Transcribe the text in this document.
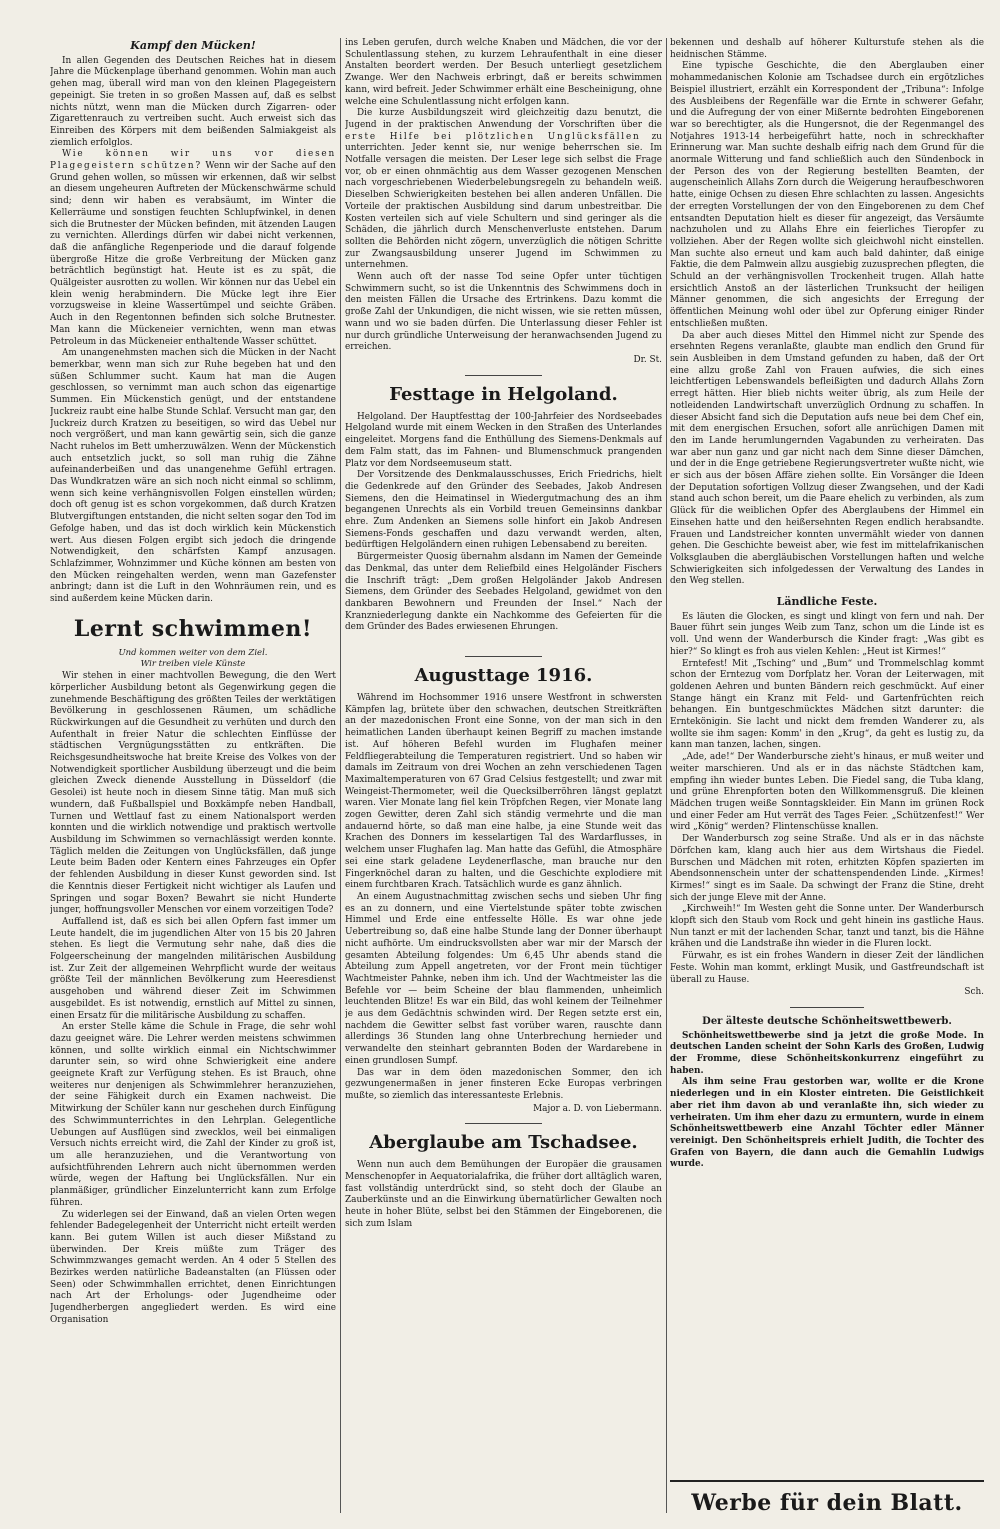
Kampf den Mücken!

In allen Gegenden des Deutschen Reiches hat in diesem Jahre die Mückenplage überhand genommen. Wohin man auch gehen mag, überall wird man von den kleinen Plagegeistern gepeinigt. Sie treten in so großen Massen auf, daß es selbst nichts nützt, wenn man die Mücken durch Zigarren- oder Zigarettenrauch zu vertreiben sucht. Auch erweist sich das Einreiben des Körpers mit dem beißenden Salmiakgeist als ziemlich erfolglos.

Wie können wir uns vor diesen Plagegeistern schützen? Wenn wir der Sache auf den Grund gehen wollen, so müssen wir erkennen, daß wir selbst an diesem ungeheuren Auftreten der Mückenschwärme schuld sind; denn wir haben es verabsäumt, im Winter die Kellerräume und sonstigen feuchten Schlupfwinkel, in denen sich die Brutnester der Mücken befinden, mit ätzenden Laugen zu vernichten. Allerdings dürfen wir dabei nicht verkennen, daß die anfängliche Regenperiode und die darauf folgende übergroße Hitze die große Verbreitung der Mücken ganz beträchtlich begünstigt hat. Heute ist es zu spät, die Quälgeister ausrotten zu wollen. Wir können nur das Uebel ein klein wenig herabmindern. Die Mücke legt ihre Eier vorzugsweise in kleine Wassertümpel und seichte Gräben. Auch in den Regentonnen befinden sich solche Brutnester. Man kann die Mückeneier vernichten, wenn man etwas Petroleum in das Mückeneier enthaltende Wasser schüttet.

Am unangenehmsten machen sich die Mücken in der Nacht bemerkbar, wenn man sich zur Ruhe begeben hat und den süßen Schlummer sucht. Kaum hat man die Augen geschlossen, so vernimmt man auch schon das eigenartige Summen. Ein Mückenstich genügt, und der entstandene Juckreiz raubt eine halbe Stunde Schlaf. Versucht man gar, den Juckreiz durch Kratzen zu beseitigen, so wird das Uebel nur noch vergrößert, und man kann gewärtig sein, sich die ganze Nacht ruhelos im Bett umherzuwälzen. Wenn der Mückenstich auch entsetzlich juckt, so soll man ruhig die Zähne aufeinanderbeißen und das unangenehme Gefühl ertragen. Das Wundkratzen wäre an sich noch nicht einmal so schlimm, wenn sich keine verhängnisvollen Folgen einstellen würden; doch oft genug ist es schon vorgekommen, daß durch Kratzen Blutvergiftungen entstanden, die nicht selten sogar den Tod im Gefolge haben, und das ist doch wirklich kein Mückenstich wert. Aus diesen Folgen ergibt sich jedoch die dringende Notwendigkeit, den schärfsten Kampf anzusagen. Schlafzimmer, Wohnzimmer und Küche können am besten von den Mücken reingehalten werden, wenn man Gazefenster anbringt; dann ist die Luft in den Wohnräumen rein, und es sind außerdem keine Mücken darin.

Lernt schwimmen!
Und kommen weiter von dem Ziel.
Wir treiben viele Künste

Wir stehen in einer machtvollen Bewegung, die den Wert körperlicher Ausbildung betont als Gegenwirkung gegen die zunehmende Beschäftigung des größten Teiles der werktätigen Bevölkerung in geschlossenen Räumen, um schädliche Rückwirkungen auf die Gesundheit zu verhüten und durch den Aufenthalt in freier Natur die schlechten Einflüsse der städtischen Vergnügungsstätten zu entkräften. Die Reichsgesundheitswoche hat breite Kreise des Volkes von der Notwendigkeit sportlicher Ausbildung überzeugt und die beim gleichen Zweck dienende Ausstellung in Düsseldorf (die Gesolei) ist heute noch in diesem Sinne tätig. Man muß sich wundern, daß Fußballspiel und Boxkämpfe neben Handball, Turnen und Wettlauf fast zu einem Nationalsport werden konnten und die wirklich notwendige und praktisch wertvolle Ausbildung im Schwimmen so vernachlässigt werden konnte. Täglich melden die Zeitungen von Unglücksfällen, daß junge Leute beim Baden oder Kentern eines Fahrzeuges ein Opfer der fehlenden Ausbildung in dieser Kunst geworden sind. Ist die Kenntnis dieser Fertigkeit nicht wichtiger als Laufen und Springen und sogar Boxen? Bewahrt sie nicht Hunderte junger, hoffnungsvoller Menschen vor einem vorzeitigen Tode?

Auffallend ist, daß es sich bei allen Opfern fast immer um Leute handelt, die im jugendlichen Alter von 15 bis 20 Jahren stehen. Es liegt die Vermutung sehr nahe, daß dies die Folgeerscheinung der mangelnden militärischen Ausbildung ist. Zur Zeit der allgemeinen Wehrpflicht wurde der weitaus größte Teil der männlichen Bevölkerung zum Heeresdienst ausgehoben und während dieser Zeit im Schwimmen ausgebildet. Es ist notwendig, ernstlich auf Mittel zu sinnen, einen Ersatz für die militärische Ausbildung zu schaffen.

An erster Stelle käme die Schule in Frage, die sehr wohl dazu geeignet wäre. Die Lehrer werden meistens schwimmen können, und sollte wirklich einmal ein Nichtschwimmer darunter sein, so wird ohne Schwierigkeit eine andere geeignete Kraft zur Verfügung stehen. Es ist Brauch, ohne weiteres nur denjenigen als Schwimmlehrer heranzuziehen, der seine Fähigkeit durch ein Examen nachweist. Die Mitwirkung der Schüler kann nur geschehen durch Einfügung des Schwimmunterrichtes in den Lehrplan. Gelegentliche Uebungen auf Ausflügen sind zwecklos, weil bei einmaligen Versuch nichts erreicht wird, die Zahl der Kinder zu groß ist, um alle heranzuziehen, und die Verantwortung von aufsichtführenden Lehrern auch nicht übernommen werden würde, wegen der Haftung bei Unglücksfällen. Nur ein planmäßiger, gründlicher Einzelunterricht kann zum Erfolge führen.

Zu widerlegen sei der Einwand, daß an vielen Orten wegen fehlender Badegelegenheit der Unterricht nicht erteilt werden kann. Bei gutem Willen ist auch dieser Mißstand zu überwinden. Der Kreis müßte zum Träger des Schwimmzwanges gemacht werden. An 4 oder 5 Stellen des Bezirkes werden natürliche Badeanstalten (an Flüssen oder Seen) oder Schwimmhallen errichtet, denen Einrichtungen nach Art der Erholungs- oder Jugendheime oder Jugendherbergen angegliedert werden. Es wird eine Organisation

ins Leben gerufen, durch welche Knaben und Mädchen, die vor der Schulentlassung stehen, zu kurzem Lehraufenthalt in eine dieser Anstalten beordert werden. Der Besuch unterliegt gesetzlichem Zwange. Wer den Nachweis erbringt, daß er bereits schwimmen kann, wird befreit. Jeder Schwimmer erhält eine Bescheinigung, ohne welche eine Schulentlassung nicht erfolgen kann.

Die kurze Ausbildungszeit wird gleichzeitig dazu benutzt, die Jugend in der praktischen Anwendung der Vorschriften über die erste Hilfe bei plötzlichen Unglücksfällen zu unterrichten. Jeder kennt sie, nur wenige beherrschen sie. Im Notfalle versagen die meisten. Der Leser lege sich selbst die Frage vor, ob er einen ohnmächtig aus dem Wasser gezogenen Menschen nach vorgeschriebenen Wiederbelebungsregeln zu behandeln weiß. Dieselben Schwierigkeiten bestehen bei allen anderen Unfällen. Die Vorteile der praktischen Ausbildung sind darum unbestreitbar. Die Kosten verteilen sich auf viele Schultern und sind geringer als die Schäden, die jährlich durch Menschenverluste entstehen. Darum sollten die Behörden nicht zögern, unverzüglich die nötigen Schritte zur Zwangsausbildung unserer Jugend im Schwimmen zu unternehmen.

Wenn auch oft der nasse Tod seine Opfer unter tüchtigen Schwimmern sucht, so ist die Unkenntnis des Schwimmens doch in den meisten Fällen die Ursache des Ertrinkens. Dazu kommt die große Zahl der Unkundigen, die nicht wissen, wie sie retten müssen, wann und wo sie baden dürfen. Die Unterlassung dieser Fehler ist nur durch gründliche Unterweisung der heranwachsenden Jugend zu erreichen.

Dr. St.
Festtage in Helgoland.

Helgoland. Der Hauptfesttag der 100-Jahrfeier des Nordseebades Helgoland wurde mit einem Wecken in den Straßen des Unterlandes eingeleitet. Morgens fand die Enthüllung des Siemens-Denkmals auf dem Falm statt, das im Fahnen- und Blumenschmuck prangenden Platz vor dem Nordseemuseum statt.

Der Vorsitzende des Denkmalausschusses, Erich Friedrichs, hielt die Gedenkrede auf den Gründer des Seebades, Jakob Andresen Siemens, den die Heimatinsel in Wiedergutmachung des an ihm begangenen Unrechts als ein Vorbild treuen Gemeinsinns dankbar ehre. Zum Andenken an Siemens solle hinfort ein Jakob Andresen Siemens-Fonds geschaffen und dazu verwandt werden, alten, bedürftigen Helgoländern einen ruhigen Lebensabend zu bereiten.

Bürgermeister Quosig übernahm alsdann im Namen der Gemeinde das Denkmal, das unter dem Reliefbild eines Helgoländer Fischers die Inschrift trägt: „Dem großen Helgoländer Jakob Andresen Siemens, dem Gründer des Seebades Helgoland, gewidmet von den dankbaren Bewohnern und Freunden der Insel.“ Nach der Kranzniederlegung dankte ein Nachkomme des Gefeierten für die dem Gründer des Bades erwiesenen Ehrungen.

Augusttage 1916.

Während im Hochsommer 1916 unsere Westfront in schwersten Kämpfen lag, brütete über den schwachen, deutschen Streitkräften an der mazedonischen Front eine Sonne, von der man sich in den heimatlichen Landen überhaupt keinen Begriff zu machen imstande ist. Auf höheren Befehl wurden im Flughafen meiner Feldfliegerabteilung die Temperaturen registriert. Und so haben wir damals im Zeitraum von drei Wochen an zehn verschiedenen Tagen Maximaltemperaturen von 67 Grad Celsius festgestellt; und zwar mit Weingeist-Thermometer, weil die Quecksilberröhren längst geplatzt waren. Vier Monate lang fiel kein Tröpfchen Regen, vier Monate lang zogen Gewitter, deren Zahl sich ständig vermehrte und die man andauernd hörte, so daß man eine halbe, ja eine Stunde weit das Krachen des Donners im kesselartigen Tal des Wardarflusses, in welchem unser Flughafen lag. Man hatte das Gefühl, die Atmosphäre sei eine stark geladene Leydenerflasche, man brauche nur den Fingerknöchel daran zu halten, und die Geschichte explodiere mit einem furchtbaren Krach. Tatsächlich wurde es ganz ähnlich.

An einem Augustnachmittag zwischen sechs und sieben Uhr fing es an zu donnern, und eine Viertelstunde später tobte zwischen Himmel und Erde eine entfesselte Hölle. Es war ohne jede Uebertreibung so, daß eine halbe Stunde lang der Donner überhaupt nicht aufhörte. Um eindrucksvollsten aber war mir der Marsch der gesamten Abteilung folgendes: Um 6,45 Uhr abends stand die Abteilung zum Appell angetreten, vor der Front mein tüchtiger Wachtmeister Pahnke, neben ihm ich. Und der Wachtmeister las die Befehle vor — beim Scheine der blau flammenden, unheimlich leuchtenden Blitze! Es war ein Bild, das wohl keinem der Teilnehmer je aus dem Gedächtnis schwinden wird. Der Regen setzte erst ein, nachdem die Gewitter selbst fast vorüber waren, rauschte dann allerdings 36 Stunden lang ohne Unterbrechung hernieder und verwandelte den steinhart gebrannten Boden der Wardarebene in einen grundlosen Sumpf.

Das war in dem öden mazedonischen Sommer, den ich gezwungenermaßen in jener finsteren Ecke Europas verbringen mußte, so ziemlich das interessanteste Erlebnis.

Major a. D. von Liebermann.
Aberglaube am Tschadsee.

Wenn nun auch dem Bemühungen der Europäer die grausamen Menschenopfer in Aequatorialafrika, die früher dort alltäglich waren, fast vollständig unterdrückt sind, so steht doch der Glaube an Zauberkünste und an die Einwirkung übernatürlicher Gewalten noch heute in hoher Blüte, selbst bei den Stämmen der Eingeborenen, die sich zum Islam

bekennen und deshalb auf höherer Kulturstufe stehen als die heidnischen Stämme.

Eine typische Geschichte, die den Aberglauben einer mohammedanischen Kolonie am Tschadsee durch ein ergötzliches Beispiel illustriert, erzählt ein Korrespondent der „Tribuna“: Infolge des Ausbleibens der Regenfälle war die Ernte in schwerer Gefahr, und die Aufregung der von einer Mißernte bedrohten Eingeborenen war so berechtigter, als die Hungersnot, die der Regenmangel des Notjahres 1913-14 herbeigeführt hatte, noch in schreckhafter Erinnerung war. Man suchte deshalb eifrig nach dem Grund für die anormale Witterung und fand schließlich auch den Sündenbock in der Person des von der Regierung bestellten Beamten, der augenscheinlich Allahs Zorn durch die Weigerung heraufbeschworen hatte, einige Ochsen zu diesen Ehre schlachten zu lassen. Angesichts der erregten Vorstellungen der von den Eingeborenen zu dem Chef entsandten Deputation hielt es dieser für angezeigt, das Versäumte nachzuholen und zu Allahs Ehre ein feierliches Tieropfer zu vollziehen. Aber der Regen wollte sich gleichwohl nicht einstellen. Man suchte also erneut und kam auch bald dahinter, daß einige Faktie, die dem Palmwein allzu ausgiebig zuzusprechen pflegten, die Schuld an der verhängnisvollen Trockenheit trugen. Allah hatte ersichtlich Anstoß an der lästerlichen Trunksucht der heiligen Männer genommen, die sich angesichts der Erregung der öffentlichen Meinung wohl oder übel zur Opferung einiger Rinder entschließen mußten.

Da aber auch dieses Mittel den Himmel nicht zur Spende des ersehnten Regens veranlaßte, glaubte man endlich den Grund für sein Ausbleiben in dem Umstand gefunden zu haben, daß der Ort eine allzu große Zahl von Frauen aufwies, die sich eines leichtfertigen Lebenswandels befleißigten und dadurch Allahs Zorn erregt hätten. Hier blieb nichts weiter übrig, als zum Heile der notleidenden Landwirtschaft unverzüglich Ordnung zu schaffen. In dieser Absicht fand sich die Deputation aufs neue bei dem Chef ein, mit dem energischen Ersuchen, sofort alle anrüchigen Damen mit den im Lande herumlungernden Vagabunden zu verheiraten. Das war aber nun ganz und gar nicht nach dem Sinne dieser Dämchen, und der in die Enge getriebene Regierungsvertreter wußte nicht, wie er sich aus der bösen Affäre ziehen sollte. Ein Vorsänger die Ideen der Deputation sofortigen Vollzug dieser Zwangsehen, und der Kadi stand auch schon bereit, um die Paare ehelich zu verbinden, als zum Glück für die weiblichen Opfer des Aberglaubens der Himmel ein Einsehen hatte und den heißersehnten Regen endlich herabsandte. Frauen und Landstreicher konnten unvermählt wieder von dannen gehen. Die Geschichte beweist aber, wie fest im mittelafrikanischen Volksglauben die abergläubischen Vorstellungen haften und welche Schwierigkeiten sich infolgedessen der Verwaltung des Landes in den Weg stellen.

Ländliche Feste.

Es läuten die Glocken, es singt und klingt von fern und nah. Der Bauer führt sein junges Weib zum Tanz, schon um die Linde ist es voll. Und wenn der Wanderbursch die Kinder fragt: „Was gibt es hier?“ So klingt es froh aus vielen Kehlen: „Heut ist Kirmes!“

Erntefest! Mit „Tsching“ und „Bum“ und Trommelschlag kommt schon der Erntezug vom Dorfplatz her. Voran der Leiterwagen, mit goldenen Aehren und bunten Bändern reich geschmückt. Auf einer Stange hängt ein Kranz mit Feld- und Gartenfrüchten reich behangen. Ein buntgeschmücktes Mädchen sitzt darunter: die Erntekönigin. Sie lacht und nickt dem fremden Wanderer zu, als wollte sie ihm sagen: Komm' in den „Krug“, da geht es lustig zu, da kann man tanzen, lachen, singen.

„Ade, ade!“ Der Wanderbursche zieht's hinaus, er muß weiter und weiter marschieren. Und als er in das nächste Städtchen kam, empfing ihn wieder buntes Leben. Die Fiedel sang, die Tuba klang, und grüne Ehrenpforten boten den Willkommensgruß. Die kleinen Mädchen trugen weiße Sonntagskleider. Ein Mann im grünen Rock und einer Feder am Hut verrät des Tages Feier. „Schützenfest!“ Wer wird „König“ werden? Flintenschüsse knallen.

Der Wanderbursch zog seine Straße. Und als er in das nächste Dörfchen kam, klang auch hier aus dem Wirtshaus die Fiedel. Burschen und Mädchen mit roten, erhitzten Köpfen spazierten im Abendsonnenschein unter der schattenspendenden Linde. „Kirmes! Kirmes!“ singt es im Saale. Da schwingt der Franz die Stine, dreht sich der junge Eleve mit der Anne.

„Kirchweih!“ Im Westen geht die Sonne unter. Der Wanderbursch klopft sich den Staub vom Rock und geht hinein ins gastliche Haus. Nun tanzt er mit der lachenden Schar, tanzt und tanzt, bis die Hähne krähen und die Landstraße ihn wieder in die Fluren lockt.

Fürwahr, es ist ein frohes Wandern in dieser Zeit der ländlichen Feste. Wohin man kommt, erklingt Musik, und Gastfreundschaft ist überall zu Hause.

Sch.
Der älteste deutsche Schönheitswettbewerb.

Schönheitswettbewerbe sind ja jetzt die große Mode. In deutschen Landen scheint der Sohn Karls des Großen, Ludwig der Fromme, diese Schönheitskonkurrenz eingeführt zu haben.

Als ihm seine Frau gestorben war, wollte er die Krone niederlegen und in ein Kloster eintreten. Die Geistlichkeit aber riet ihm davon ab und veranlaßte ihn, sich wieder zu verheiraten. Um ihm eher dazu zu ermuntern, wurde in einem Schönheitswettbewerb eine Anzahl Töchter edler Männer vereinigt. Den Schönheitspreis erhielt Judith, die Tochter des Grafen von Bayern, die dann auch die Gemahlin Ludwigs wurde.

Werbe für dein Blatt.
